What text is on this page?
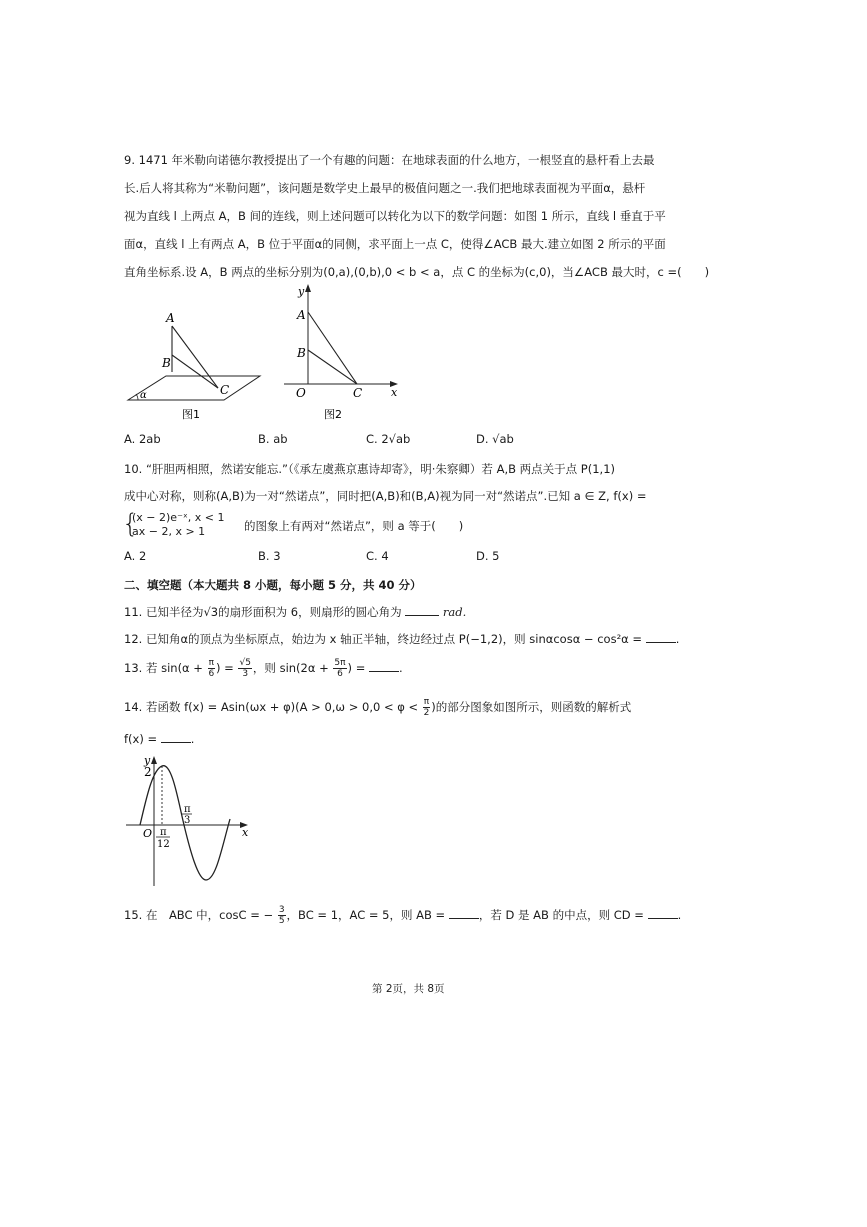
9. 1471 年米勒向诺德尔教授提出了一个有趣的问题：在地球表面的什么地方，一根竖直的悬杆看上去最
长.后人将其称为“米勒问题”，该问题是数学史上最早的极值问题之一.我们把地球表面视为平面α，悬杆
视为直线 l 上两点 A，B 间的连线，则上述问题可以转化为以下的数学问题：如图 1 所示，直线 l 垂直于平
面α，直线 l 上有两点 A，B 位于平面α的同侧，求平面上一点 C，使得∠ACB 最大.建立如图 2 所示的平面
直角坐标系.设 A，B 两点的坐标分别为(0,a),(0,b),0 < b < a，点 C 的坐标为(c,0)，当∠ACB 最大时，c =(　　)
A
B
C
α
图1
y
A
B
O	C	x
图2
A. 2ab	B. ab	C. 2√ab	D. √ab
10. “肝胆两相照，然诺安能忘.”（《承左虞燕京惠诗却寄》，明·朱察卿）若 A,B 两点关于点 P(1,1)
成中心对称，则称(A,B)为一对“然诺点”，同时把(A,B)和(B,A)视为同一对“然诺点”.已知 a ∈ Z, f(x) =
{
(x − 2)e⁻ˣ, x < 1
ax − 2, x > 1	的图象上有两对“然诺点”，则 a 等于(　　)
A. 2	B. 3	C. 4	D. 5
二、填空题（本大题共 8 小题，每小题 5 分，共 40 分）
11. 已知半径为√3的扇形面积为 6，则扇形的圆心角为	rad.
12. 已知角α的顶点为坐标原点，始边为 x 轴正半轴，终边经过点 P(−1,2)，则 sinαcosα − cos²α =	.
13. 若 $\sin(\alpha + \frac{\pi}{6}$ ) = $\frac{√5}{3}$ ，则 $\sin(2\alpha + \frac{5\pi}{6}$ ) =	.
14. 若函数 $f(x) = Asin(\omega x + \varphi)(A > 0,\omega > 0,0 < \varphi < \frac{\pi}{2}$ )的部分图象如图所示，则函数的解析式
f(x) =	.
y
2
O	x
π
3
π
12
15. 在　ABC 中，cosC = − $\frac{3}{5}$ ，BC = 1，AC = 5，则 AB =	，若 D 是 AB 的中点，则 CD =	.
第 2页，共 8页
